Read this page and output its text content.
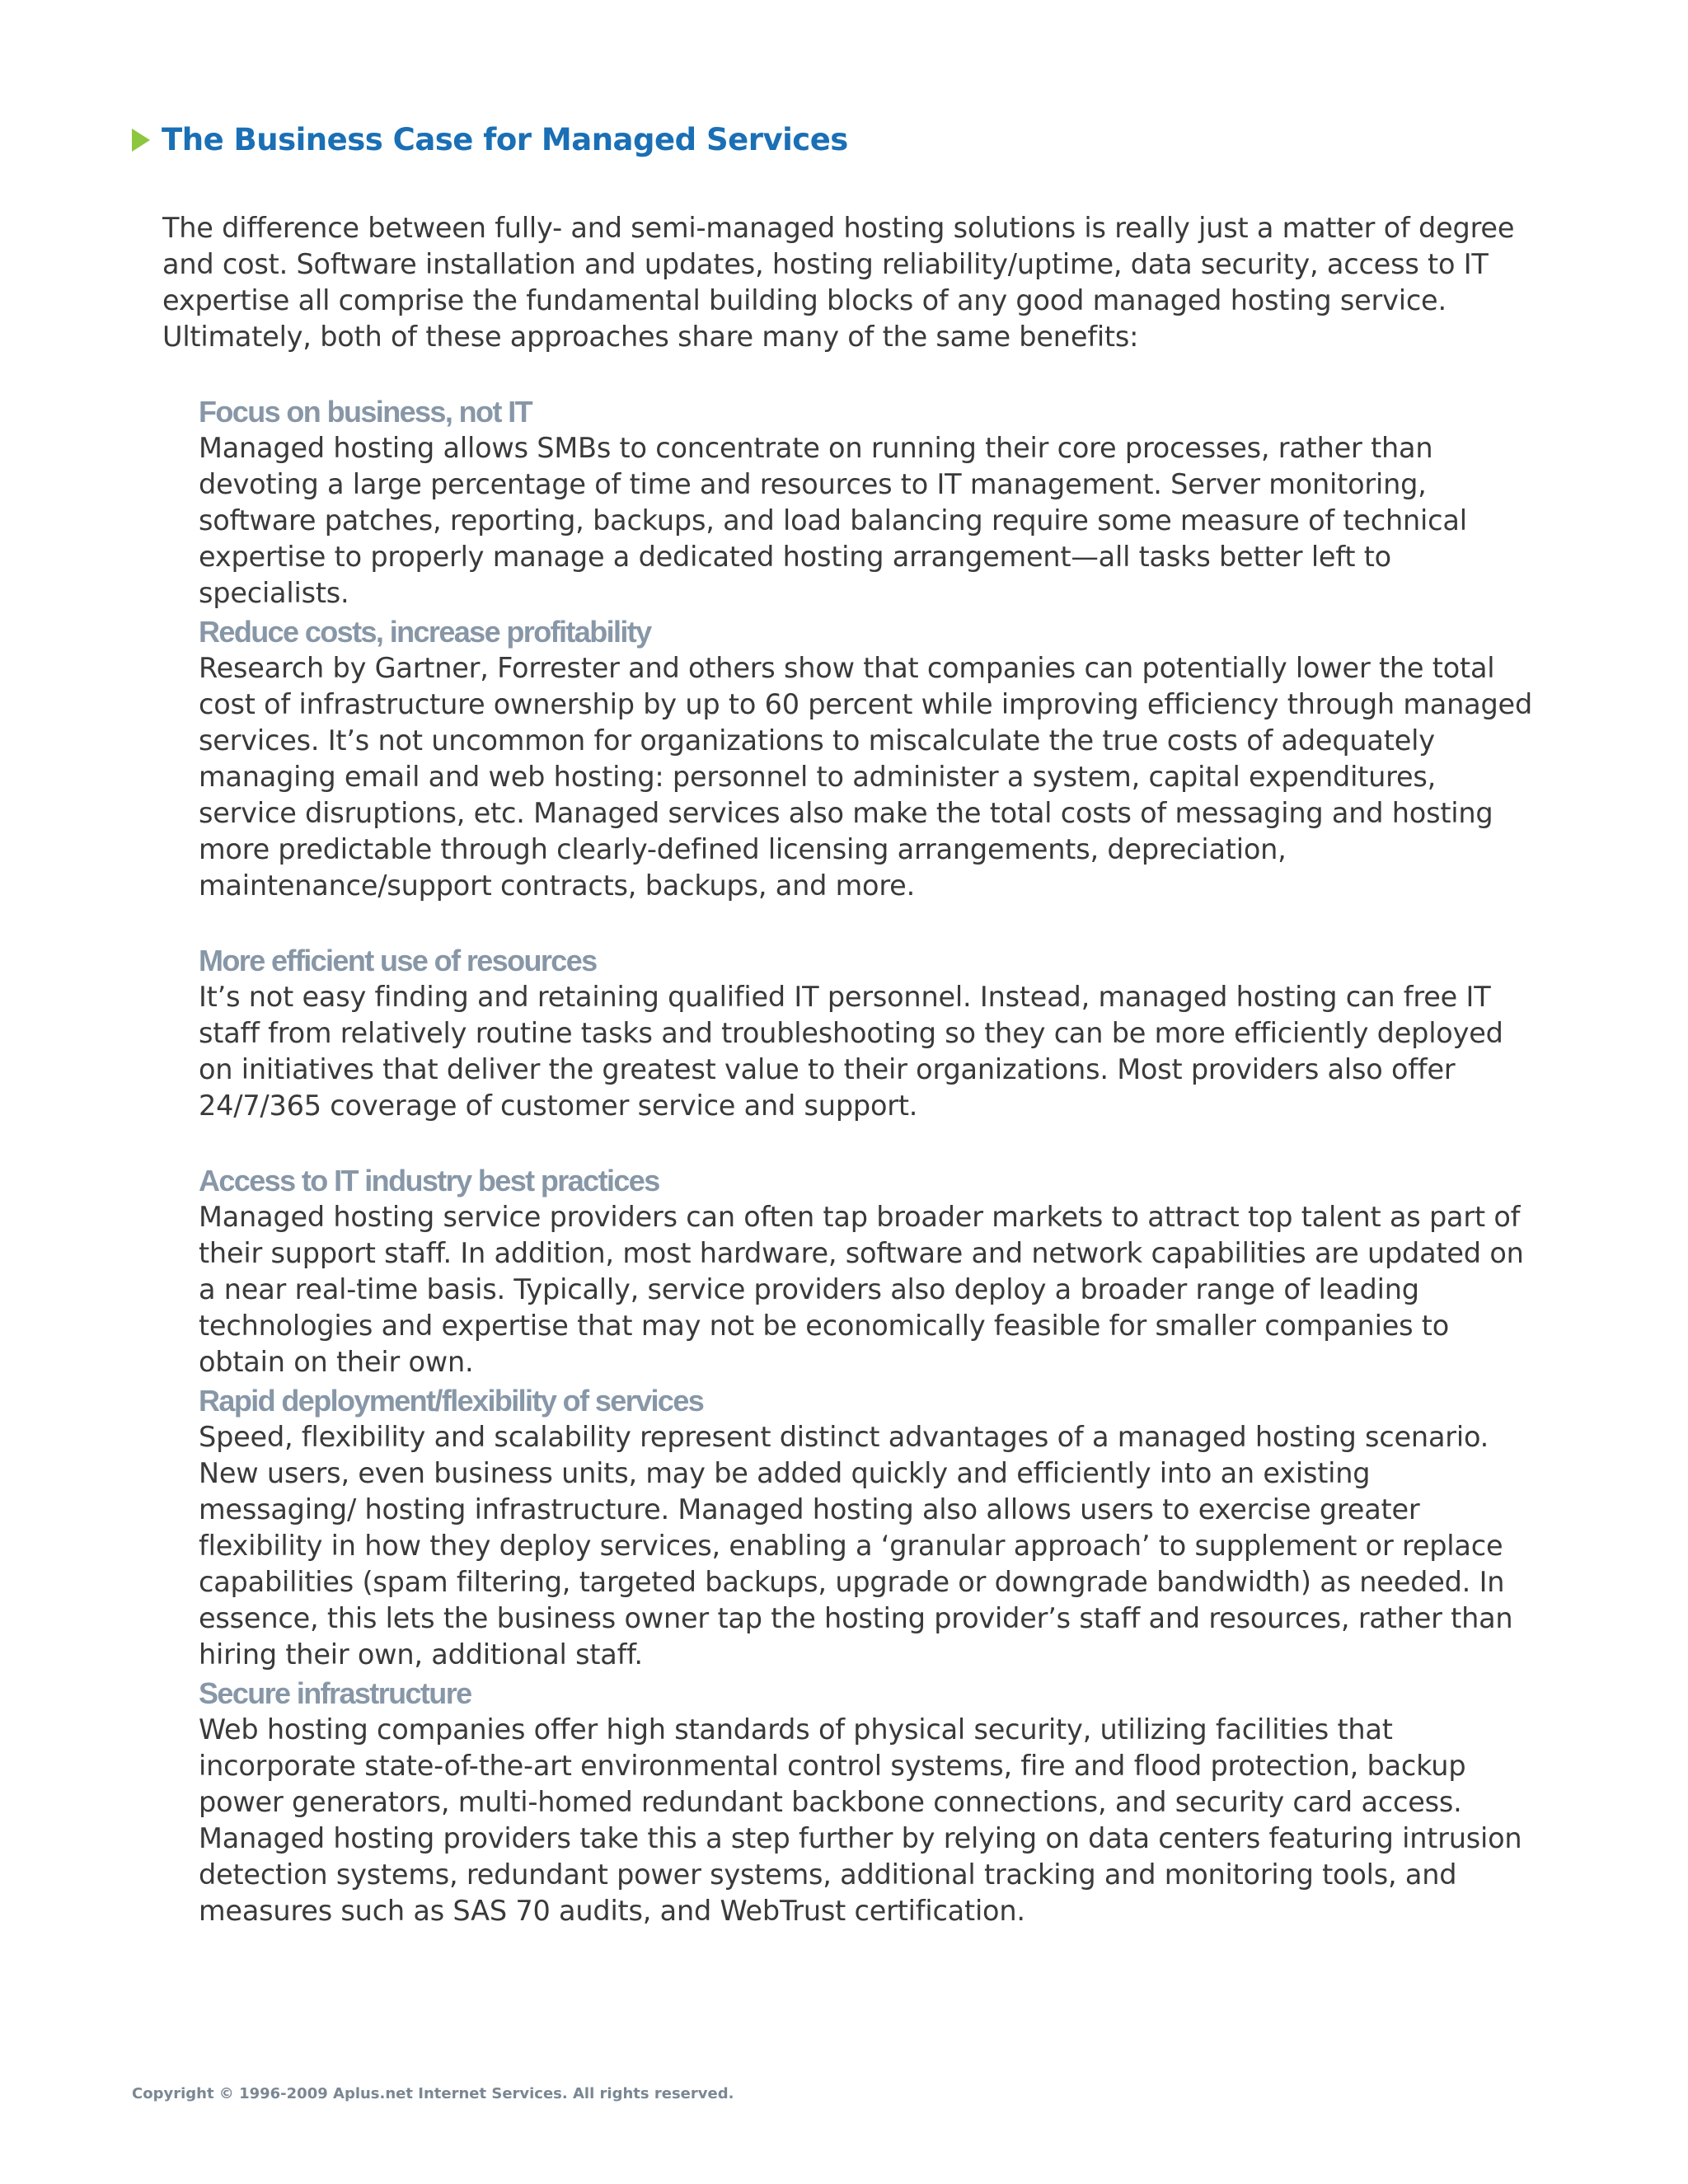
The Business Case for Managed Services

The difference between fully- and semi-managed hosting solutions is really just a matter of degree and cost. Software installation and updates, hosting reliability/uptime, data security, access to IT expertise all comprise the fundamental building blocks of any good managed hosting service. Ultimately, both of these approaches share many of the same benefits:

Focus on business, not IT

Managed hosting allows SMBs to concentrate on running their core processes, rather than devoting a large percentage of time and resources to IT management. Server monitoring, software patches, reporting, backups, and load balancing require some measure of technical expertise to properly manage a dedicated hosting arrangement—all tasks better left to specialists.

Reduce costs, increase profitability

Research by Gartner, Forrester and others show that companies can potentially lower the total cost of infrastructure ownership by up to 60 percent while improving efficiency through managed services. It’s not uncommon for organizations to miscalculate the true costs of adequately managing email and web hosting: personnel to administer a system, capital expenditures, service disruptions, etc. Managed services also make the total costs of messaging and hosting more predictable through clearly-defined licensing arrangements, depreciation, maintenance/support contracts, backups, and more.

More efficient use of resources

It’s not easy finding and retaining qualified IT personnel. Instead, managed hosting can free IT staff from relatively routine tasks and troubleshooting so they can be more efficiently deployed on initiatives that deliver the greatest value to their organizations. Most providers also offer 24/7/365 coverage of customer service and support.

Access to IT industry best practices

Managed hosting service providers can often tap broader markets to attract top talent as part of their support staff. In addition, most hardware, software and network capabilities are updated on a near real-time basis. Typically, service providers also deploy a broader range of leading technologies and expertise that may not be economically feasible for smaller companies to obtain on their own.

Rapid deployment/flexibility of services

Speed, flexibility and scalability represent distinct advantages of a managed hosting scenario. New users, even business units, may be added quickly and efficiently into an existing messaging/ hosting infrastructure. Managed hosting also allows users to exercise greater flexibility in how they deploy services, enabling a ‘granular approach’ to supplement or replace capabilities (spam filtering, targeted backups, upgrade or downgrade bandwidth) as needed. In essence, this lets the business owner tap the hosting provider’s staff and resources, rather than hiring their own, additional staff.

Secure infrastructure

Web hosting companies offer high standards of physical security, utilizing facilities that incorporate state-of-the-art environmental control systems, fire and flood protection, backup power generators, multi-homed redundant backbone connections, and security card access. Managed hosting providers take this a step further by relying on data centers featuring intrusion detection systems, redundant power systems, additional tracking and monitoring tools, and measures such as SAS 70 audits, and WebTrust certification.

Copyright © 1996-2009 Aplus.net Internet Services. All rights reserved.
